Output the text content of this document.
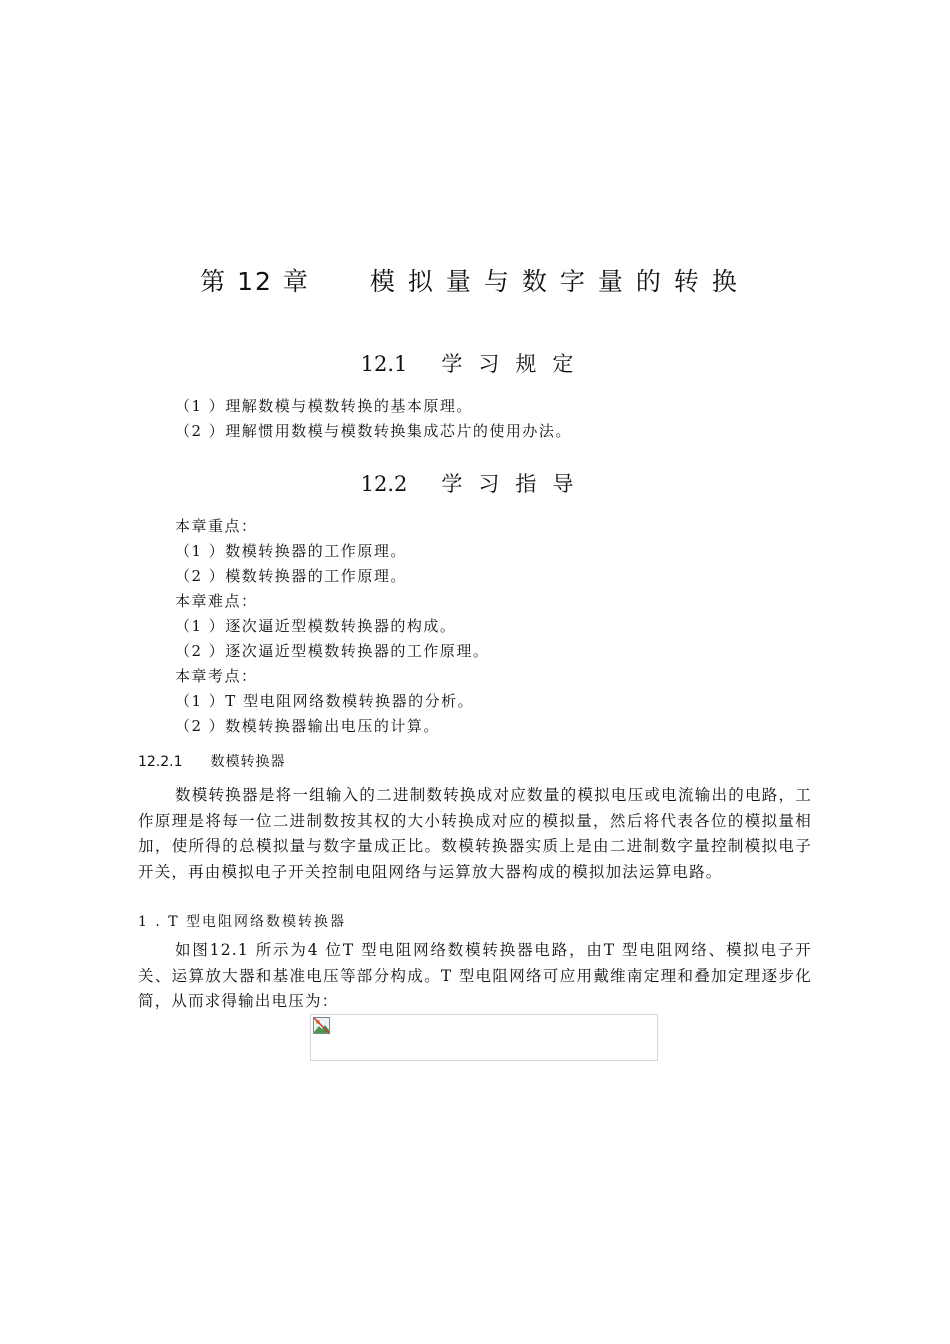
第 12 章 模拟量与数字量的转换
12.1 学习规定
（1 ）理解数模与模数转换的基本原理。
（2 ）理解惯用数模与模数转换集成芯片的使用办法。
12.2 学习指导
本章重点：
（1 ）数模转换器的工作原理。
（2 ）模数转换器的工作原理。
本章难点：
（1 ）逐次逼近型模数转换器的构成。
（2 ）逐次逼近型模数转换器的工作原理。
本章考点：
（1 ）T 型电阻网络数模转换器的分析。
（2 ）数模转换器输出电压的计算。
12.2.1 数模转换器
数模转换器是将一组输入的二进制数转换成对应数量的模拟电压或电流输出的电路，工作原理是将每一位二进制数按其权的大小转换成对应的模拟量，然后将代表各位的模拟量相加，使所得的总模拟量与数字量成正比。数模转换器实质上是由二进制数字量控制模拟电子开关，再由模拟电子开关控制电阻网络与运算放大器构成的模拟加法运算电路。
1 . T 型电阻网络数模转换器
如图12.1 所示为4 位T 型电阻网络数模转换器电路，由T 型电阻网络、模拟电子开关、运算放大器和基准电压等部分构成。T 型电阻网络可应用戴维南定理和叠加定理逐步化简，从而求得输出电压为：
